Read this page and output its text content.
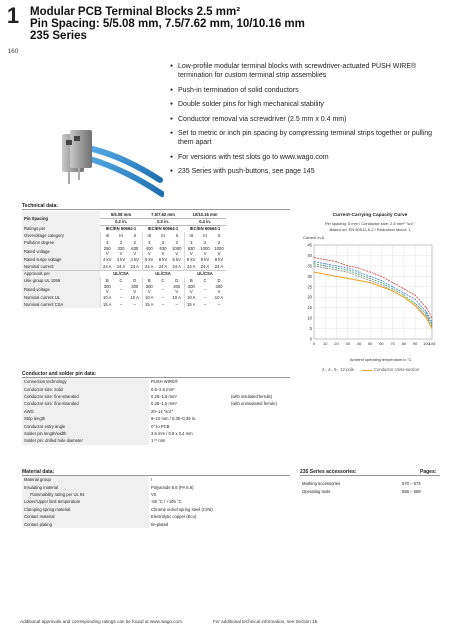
1
160
Modular PCB Terminal Blocks 2.5 mm²
Pin Spacing: 5/5.08 mm, 7.5/7.62 mm, 10/10.16 mm
235 Series
● Low-profile modular terminal blocks with screwdriver-actuated PUSH WIRE® termination for custom terminal strip assemblies
● Push-in termination of solid conductors
● Double solder pins for high mechanical stability
● Conductor removal via screwdriver (2.5 mm x 0.4 mm)
● Set to metric or inch pin spacing by compressing terminal strips together or pulling them apart
● For versions with test slots go to www.wago.com
● 235 Series with push-buttons, see page 145
Technical data:
Pin Spacing	5/5.08 mm			7.5/7.62 mm			10/10.16 mm		
	0.2 in.			0.3 in.			0.4 in.		
Ratings per	IEC/EN 60664-1			IEC/EN 60664-1			IEC/EN 60664-1		
Overvoltage category	III	III	II	III	III	II	III	III	II
Pollution degree	3	2	2	3	2	2	3	2	2
Rated voltage	250 V	320 V	630 V	400 V	630 V	1000 V	630 V	1000 V	1000 V
Rated surge voltage	4 kV	4 kV	4 kV	6 kV	6 kV	6 kV	8 kV	8 kV	8 kV
Nominal current	24 A	24 A	24 A	24 A	24 A	24 A	24 A	24 A	24 A
Approvals per	UL/CSA			UL/CSA			UL/CSA		
Use group UL 1059	B	C	D	B	C	D	B	C	D
Rated voltage	300 V	–	300 V	300 V	–	300 V	300 V	–	300 V
Nominal current UL	10 A	–	10 A	10 A	–	10 A	10 A	–	10 A
Nominal current CSA	15 A	–	–	15 A	–	–	15 A	–	–
Current-Carrying Capacity Curve
Pin spacing: 5 mm / Conductor size: 2.5 mm² "sol."
Based on: EN 60512-5-2 / Reduction factor: 1
Current in A
0
5
10
15
20
25
30
35
40
45
0 10 20 30 40 50 60 70 80 90 100
105
Ambient operating temperature in °C
2-, 4-, 6-, 12-pole	Conductor cross-section
Conductor and solder pin data:
Connection technology	PUSH WIRE®	
Conductor size: solid	0.5–2.5 mm²	
Conductor size: fine-stranded	0.25–1.5 mm²	(with insulated ferrule)
Conductor size: fine-stranded	0.25–1.5 mm²	(with uninsulated ferrule)
AWG	20–14 "sol."	
Strip length	9–10 mm / 0.35–0.39 in.	
Conductor entry angle	0° to PCB	
Solder pin length/width	3.6 mm / 0.8 x 0.4 mm	
Solder pin: drilled hole diameter	1⁺⁰ mm	
Material data:
Material group	I
Insulating material	Polyamide 6.6 (PA 6.6)
Flammability rating per UL 94	V0
Lower/Upper limit temperature	-60 °C / +105 °C
Clamping spring material	Chrome nickel spring steel (CrNi)
Contact material	Electrolytic copper (Eᴄᴜ)
Contact plating	tin-plated
235 Series accessories:	Pages:
Marking accessories	570 – 573
Operating tools	556 – 559
Additional approvals and corresponding ratings can be found at www.wago.com.	For additional technical information, see Section 15.
